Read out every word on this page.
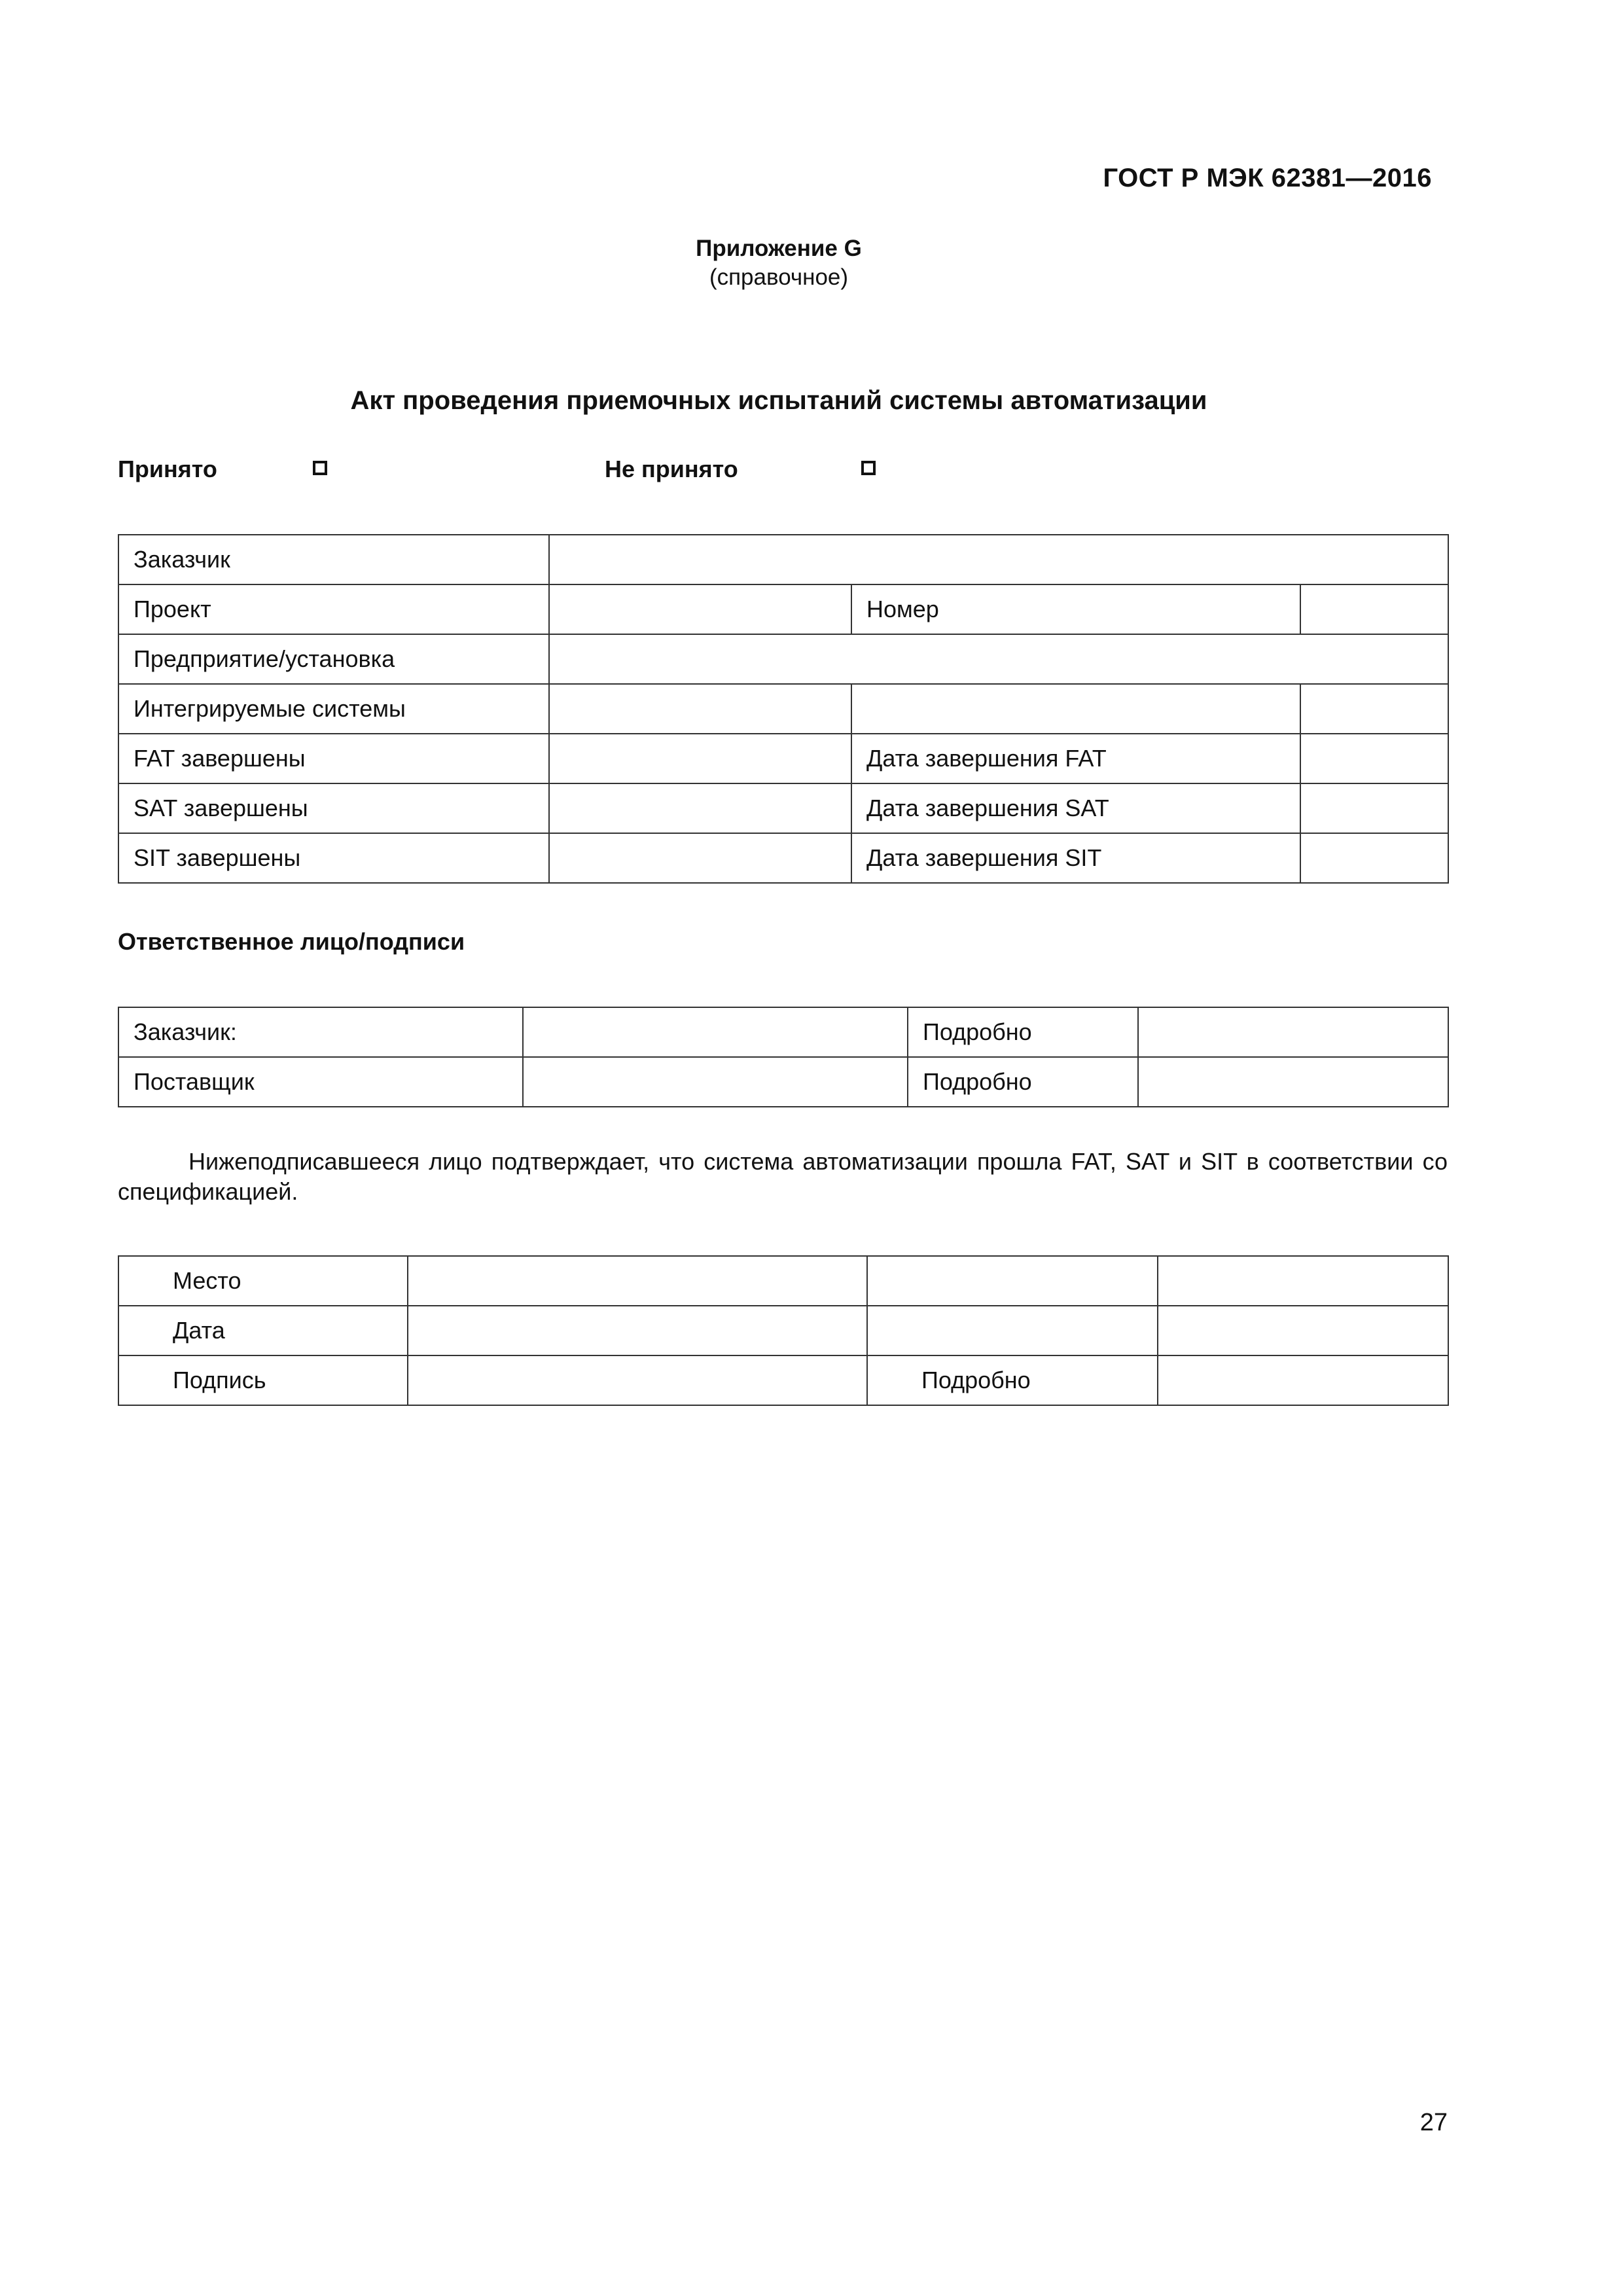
ГОСТ Р МЭК 62381—2016
Приложение G
(справочное)
Акт проведения приемочных испытаний системы автоматизации
Принято	Не принято
Заказчик			
Проект		Номер	
Предприятие/установка			
Интегрируемые системы			
FAT завершены		Дата завершения FAT	
SAT завершены		Дата завершения SAT	
SIT завершены		Дата завершения SIT	
Ответственное лицо/подписи
Заказчик:		Подробно	
Поставщик		Подробно	
Нижеподписавшееся лицо подтверждает, что система автоматизации прошла FAT, SAT и SIT в соответствии со спецификацией.
Место			
Дата			
Подпись		Подробно	
27
